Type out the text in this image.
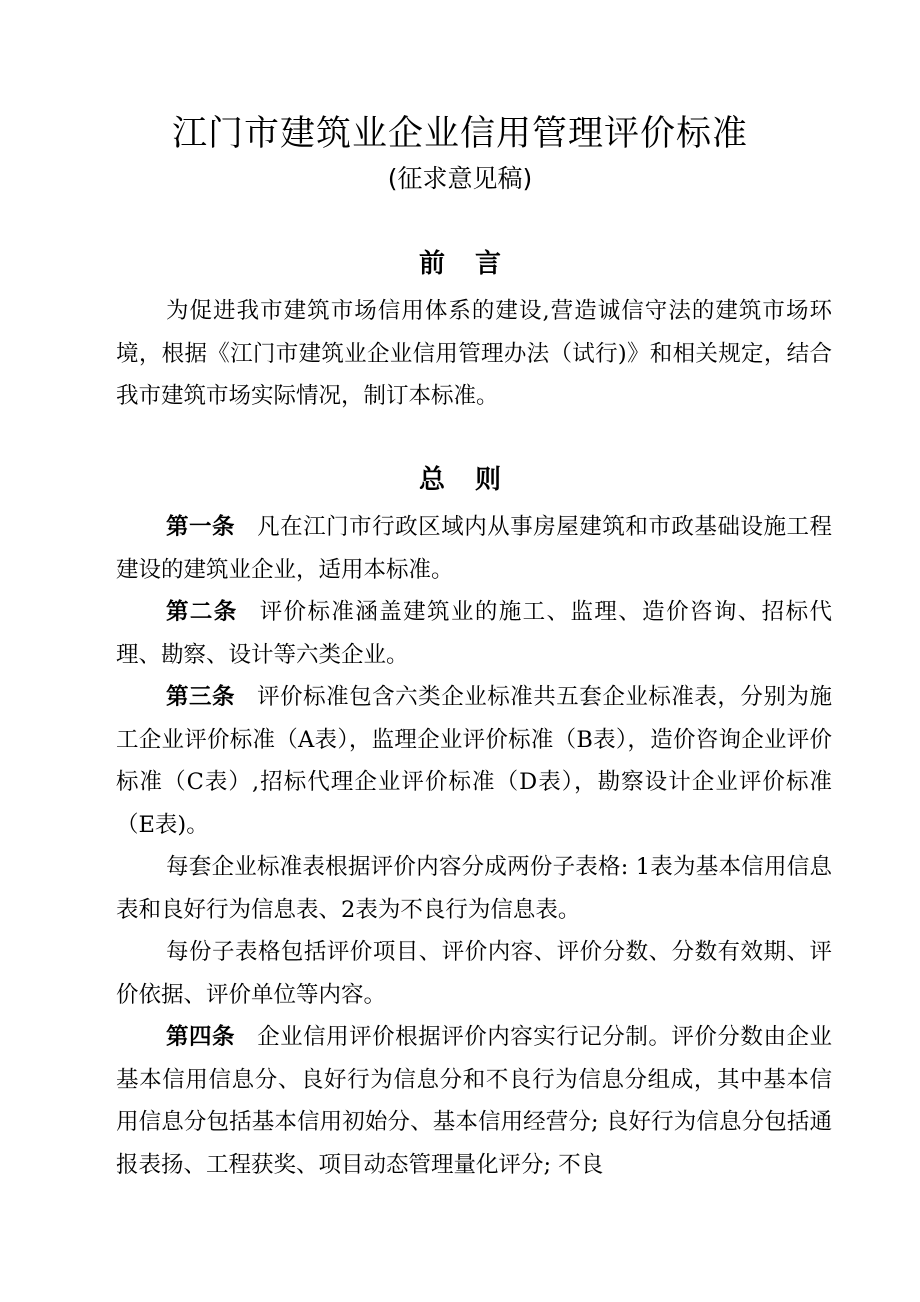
江门市建筑业企业信用管理评价标准
(征求意见稿)
前 言

为促进我市建筑市场信用体系的建设,营造诚信守法的建筑市场环境，根据《江门市建筑业企业信用管理办法（试行)》和相关规定，结合我市建筑市场实际情况，制订本标准。

总 则

第一条 凡在江门市行政区域内从事房屋建筑和市政基础设施工程建设的建筑业企业，适用本标准。

第二条 评价标准涵盖建筑业的施工、监理、造价咨询、招标代理、勘察、设计等六类企业。

第三条 评价标准包含六类企业标准共五套企业标准表，分别为施工企业评价标准（A表），监理企业评价标准（B表），造价咨询企业评价标准（C表）,招标代理企业评价标准（D表），勘察设计企业评价标准（E表)。

每套企业标准表根据评价内容分成两份子表格: 1表为基本信用信息表和良好行为信息表、2表为不良行为信息表。

每份子表格包括评价项目、评价内容、评价分数、分数有效期、评价依据、评价单位等内容。

第四条 企业信用评价根据评价内容实行记分制。评价分数由企业基本信用信息分、良好行为信息分和不良行为信息分组成，其中基本信用信息分包括基本信用初始分、基本信用经营分; 良好行为信息分包括通报表扬、工程获奖、项目动态管理量化评分; 不良
